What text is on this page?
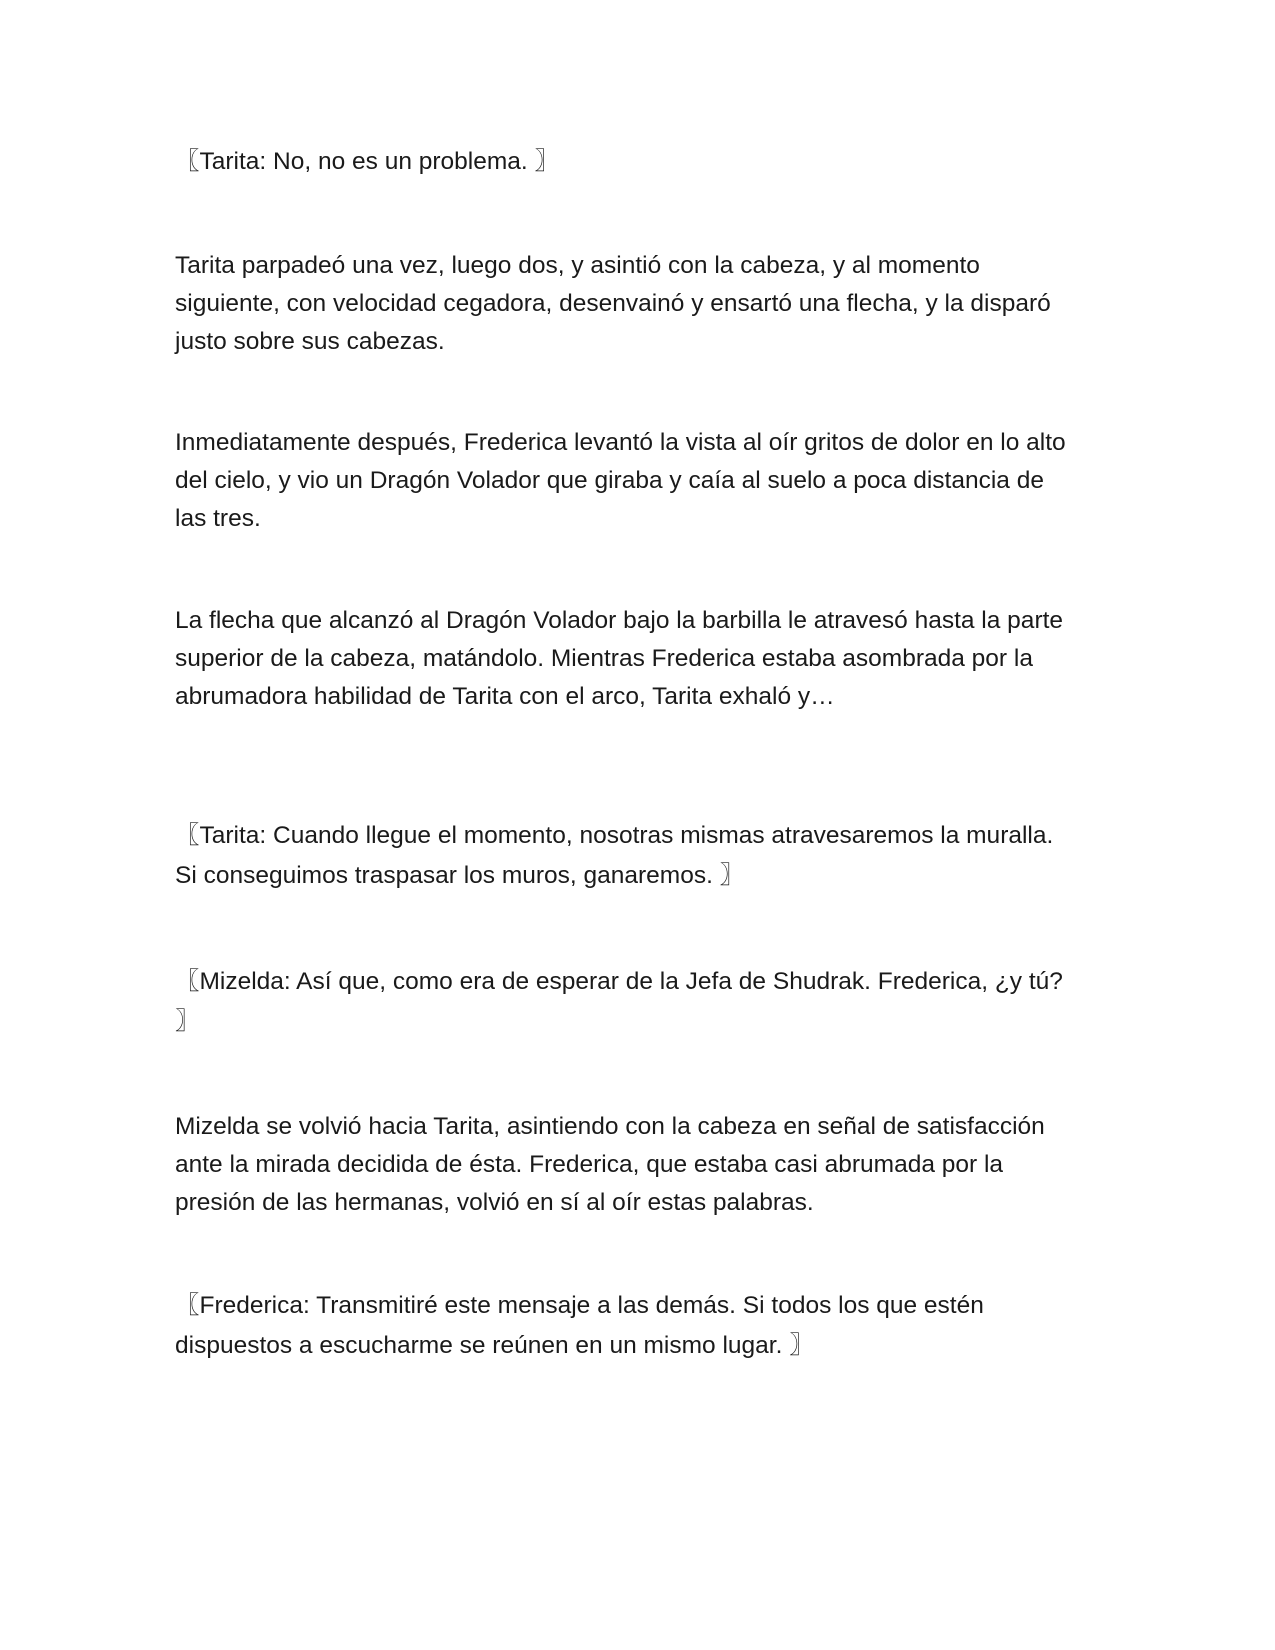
〖Tarita: No, no es un problema. 〗

Tarita parpadeó una vez, luego dos, y asintió con la cabeza, y al momento siguiente, con velocidad cegadora, desenvainó y ensartó una flecha, y la disparó justo sobre sus cabezas.

Inmediatamente después, Frederica levantó la vista al oír gritos de dolor en lo alto del cielo, y vio un Dragón Volador que giraba y caía al suelo a poca distancia de las tres.

La flecha que alcanzó al Dragón Volador bajo la barbilla le atravesó hasta la parte superior de la cabeza, matándolo. Mientras Frederica estaba asombrada por la abrumadora habilidad de Tarita con el arco, Tarita exhaló y…

〖Tarita: Cuando llegue el momento, nosotras mismas atravesaremos la muralla. Si conseguimos traspasar los muros, ganaremos. 〗

〖Mizelda: Así que, como era de esperar de la Jefa de Shudrak. Frederica, ¿y tú? 〗

Mizelda se volvió hacia Tarita, asintiendo con la cabeza en señal de satisfacción ante la mirada decidida de ésta. Frederica, que estaba casi abrumada por la presión de las hermanas, volvió en sí al oír estas palabras.

〖Frederica: Transmitiré este mensaje a las demás. Si todos los que estén dispuestos a escucharme se reúnen en un mismo lugar. 〗
